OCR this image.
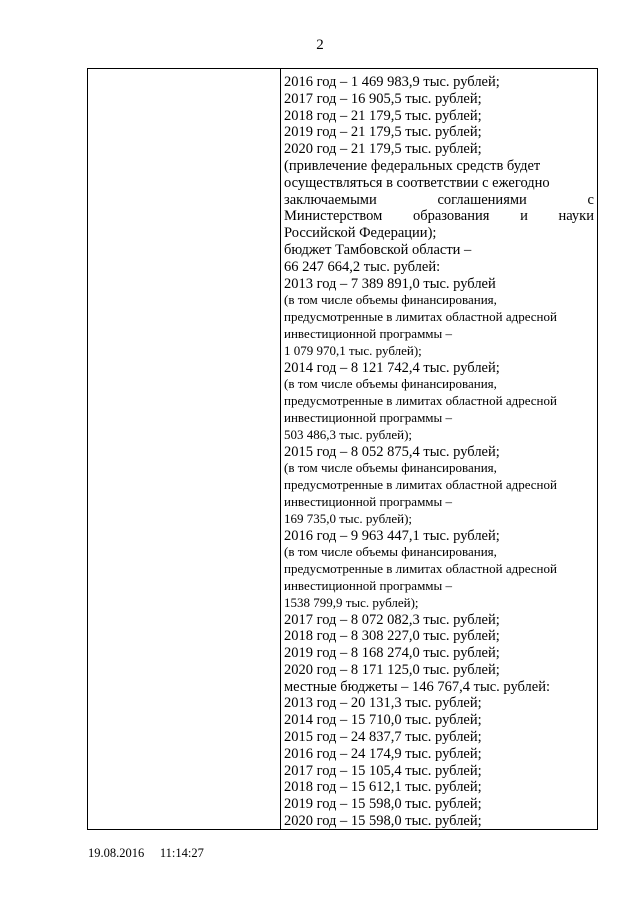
2
2016 год – 1 469 983,9 тыс. рублей;
2017 год – 16 905,5 тыс. рублей;
2018 год – 21 179,5 тыс. рублей;
2019 год – 21 179,5 тыс. рублей;
2020 год – 21 179,5 тыс. рублей;
(привлечение федеральных средств будет
осуществляться в соответствии с ежегодно
заключаемыми	соглашениями	с
Министерством образования и науки
Российской Федерации);
бюджет Тамбовской области –
66 247 664,2 тыс. рублей:
2013 год – 7 389 891,0 тыс. рублей
(в том числе объемы финансирования,
предусмотренные в лимитах областной адресной
инвестиционной программы –
1 079 970,1 тыс. рублей);
2014 год – 8 121 742,4 тыс. рублей;
(в том числе объемы финансирования,
предусмотренные в лимитах областной адресной
инвестиционной программы –
503 486,3 тыс. рублей);
2015 год – 8 052 875,4 тыс. рублей;
(в том числе объемы финансирования,
предусмотренные в лимитах областной адресной
инвестиционной программы –
169 735,0 тыс. рублей);
2016 год – 9 963 447,1 тыс. рублей;
(в том числе объемы финансирования,
предусмотренные в лимитах областной адресной
инвестиционной программы –
1538 799,9 тыс. рублей);
2017 год – 8 072 082,3 тыс. рублей;
2018 год – 8 308 227,0 тыс. рублей;
2019 год – 8 168 274,0 тыс. рублей;
2020 год – 8 171 125,0 тыс. рублей;
местные бюджеты – 146 767,4 тыс. рублей:
2013 год – 20 131,3 тыс. рублей;
2014 год – 15 710,0 тыс. рублей;
2015 год – 24 837,7 тыс. рублей;
2016 год – 24 174,9 тыс. рублей;
2017 год – 15 105,4 тыс. рублей;
2018 год – 15 612,1 тыс. рублей;
2019 год – 15 598,0 тыс. рублей;
2020 год – 15 598,0 тыс. рублей;
19.08.2016     11:14:27
